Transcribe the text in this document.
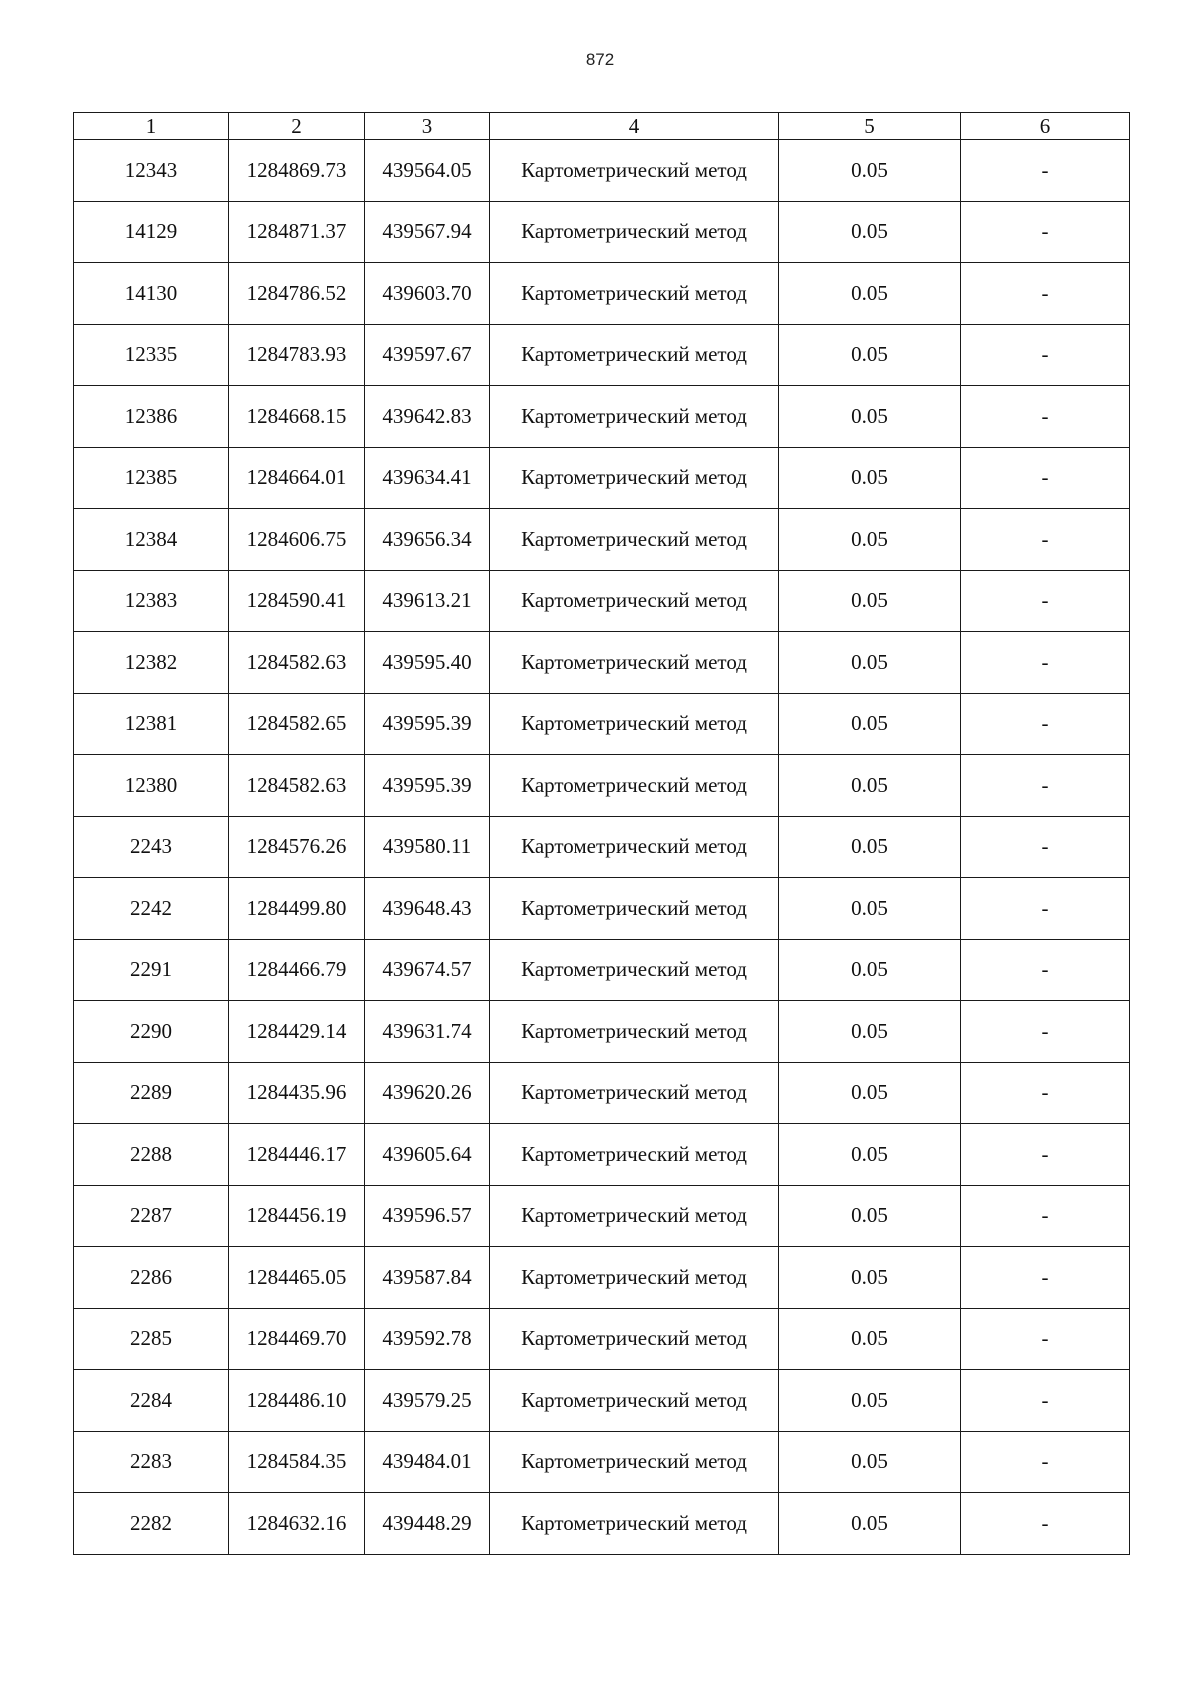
872
1	2	3	4	5	6
12343	1284869.73	439564.05	Картометрический метод	0.05	-
14129	1284871.37	439567.94	Картометрический метод	0.05	-
14130	1284786.52	439603.70	Картометрический метод	0.05	-
12335	1284783.93	439597.67	Картометрический метод	0.05	-
12386	1284668.15	439642.83	Картометрический метод	0.05	-
12385	1284664.01	439634.41	Картометрический метод	0.05	-
12384	1284606.75	439656.34	Картометрический метод	0.05	-
12383	1284590.41	439613.21	Картометрический метод	0.05	-
12382	1284582.63	439595.40	Картометрический метод	0.05	-
12381	1284582.65	439595.39	Картометрический метод	0.05	-
12380	1284582.63	439595.39	Картометрический метод	0.05	-
2243	1284576.26	439580.11	Картометрический метод	0.05	-
2242	1284499.80	439648.43	Картометрический метод	0.05	-
2291	1284466.79	439674.57	Картометрический метод	0.05	-
2290	1284429.14	439631.74	Картометрический метод	0.05	-
2289	1284435.96	439620.26	Картометрический метод	0.05	-
2288	1284446.17	439605.64	Картометрический метод	0.05	-
2287	1284456.19	439596.57	Картометрический метод	0.05	-
2286	1284465.05	439587.84	Картометрический метод	0.05	-
2285	1284469.70	439592.78	Картометрический метод	0.05	-
2284	1284486.10	439579.25	Картометрический метод	0.05	-
2283	1284584.35	439484.01	Картометрический метод	0.05	-
2282	1284632.16	439448.29	Картометрический метод	0.05	-
